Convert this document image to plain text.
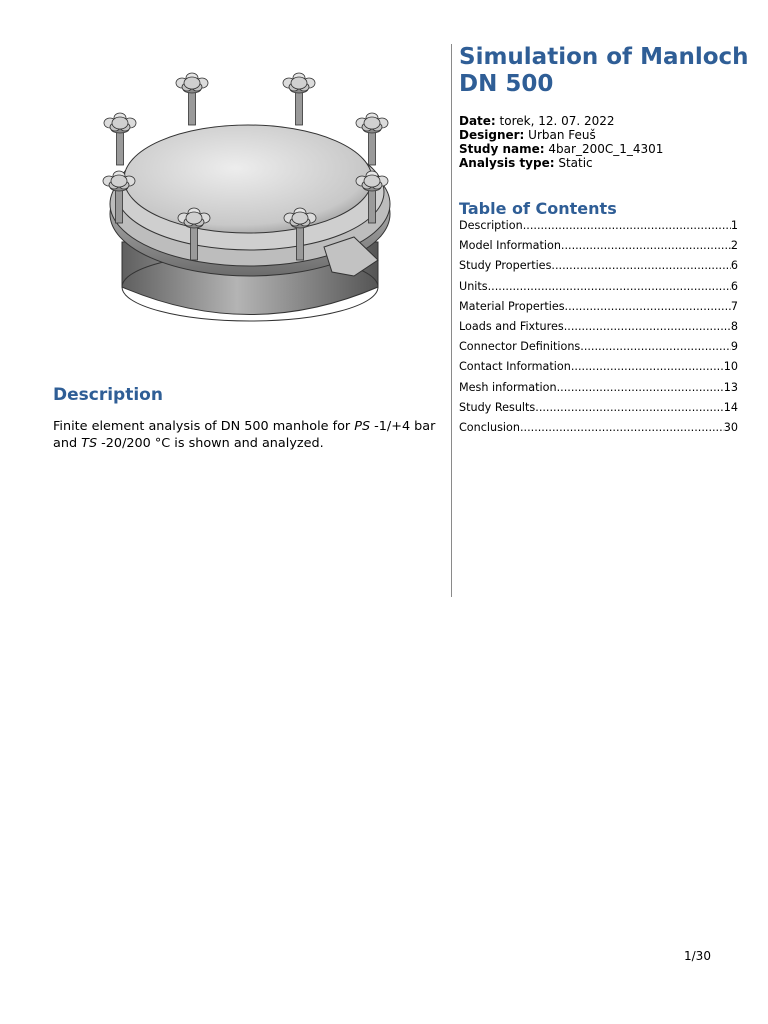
Description

Finite element analysis of DN 500 manhole for PS -1/+4 bar and TS -20/200 °C is shown and analyzed.

Simulation of Manloch DN 500
Date: torek, 12. 07. 2022
Designer: Urban Feuš
Study name: 4bar_200C_1_4301
Analysis type: Static
Table of Contents
Description .....	1
Model Information .....	2
Study Properties .....	6
Units .....	6
Material Properties .....	7
Loads and Fixtures .....	8
Connector Definitions .....	9
Contact Information .....	10
Mesh information .....	13
Study Results .....	14
Conclusion .....	30
1/30
